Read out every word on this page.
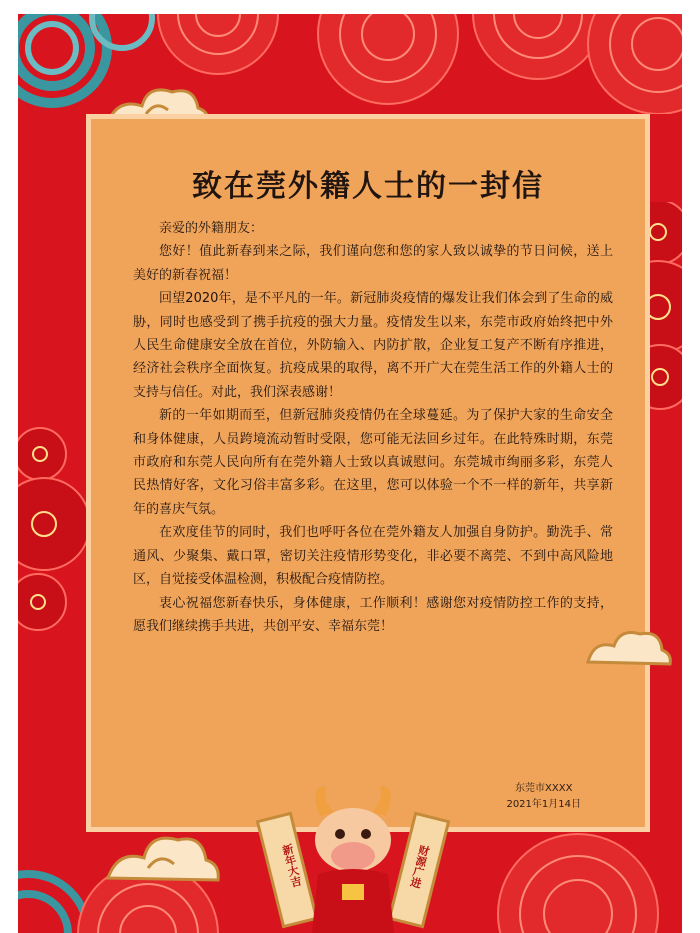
致在莞外籍人士的一封信

亲爱的外籍朋友：

您好！值此新春到来之际，我们谨向您和您的家人致以诚挚的节日问候，送上美好的新春祝福！

回望2020年，是不平凡的一年。新冠肺炎疫情的爆发让我们体会到了生命的威胁，同时也感受到了携手抗疫的强大力量。疫情发生以来，东莞市政府始终把中外人民生命健康安全放在首位，外防输入、内防扩散，企业复工复产不断有序推进，经济社会秩序全面恢复。抗疫成果的取得，离不开广大在莞生活工作的外籍人士的支持与信任。对此，我们深表感谢！

新的一年如期而至，但新冠肺炎疫情仍在全球蔓延。为了保护大家的生命安全和身体健康，人员跨境流动暂时受限，您可能无法回乡过年。在此特殊时期，东莞市政府和东莞人民向所有在莞外籍人士致以真诚慰问。东莞城市绚丽多彩，东莞人民热情好客，文化习俗丰富多彩。在这里，您可以体验一个不一样的新年，共享新年的喜庆气氛。

在欢度佳节的同时，我们也呼吁各位在莞外籍友人加强自身防护。勤洗手、常通风、少聚集、戴口罩，密切关注疫情形势变化，非必要不离莞、不到中高风险地区，自觉接受体温检测，积极配合疫情防控。

衷心祝福您新春快乐，身体健康，工作顺利！感谢您对疫情防控工作的支持，愿我们继续携手共进，共创平安、幸福东莞！

东莞市XXXX
2021年1月14日
新年大吉	财源广进
